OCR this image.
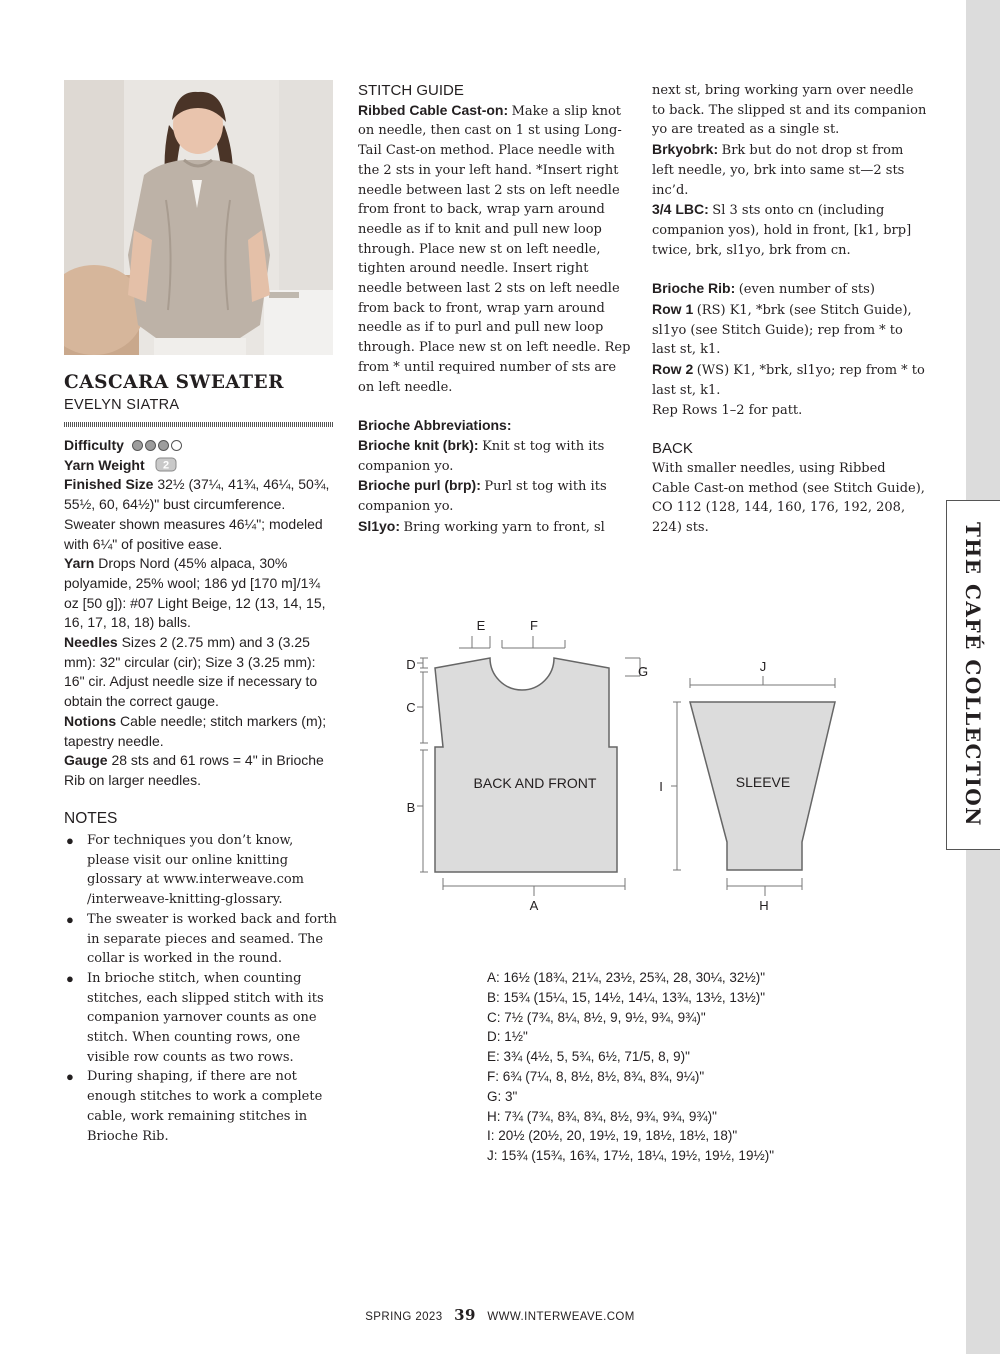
THE CAFÉ COLLECTION
CASCARA SWEATER
EVELYN SIATRA

Difficulty

Yarn Weight 2

Finished Size 32½ (37¼, 41¾, 46¼, 50¾, 55½, 60, 64½)" bust circumference. Sweater shown measures 46¼"; modeled with 6¼" of positive ease.

Yarn Drops Nord (45% alpaca, 30% polyamide, 25% wool; 186 yd [170 m]/1¾ oz [50 g]): #07 Light Beige, 12 (13, 14, 15, 16, 17, 18, 18) balls.

Needles Sizes 2 (2.75 mm) and 3 (3.25 mm): 32" circular (cir); Size 3 (3.25 mm): 16" cir. Adjust needle size if necessary to obtain the correct gauge.

Notions Cable needle; stitch markers (m); tapestry needle.

Gauge 28 sts and 61 rows = 4" in Brioche Rib on larger needles.

NOTES
● For techniques you don’t know, please visit our online knitting glossary at www.interweave.com /interweave-knitting-glossary.
● The sweater is worked back and forth in separate pieces and seamed. The collar is worked in the round.
● In brioche stitch, when counting stitches, each slipped stitch with its companion yarnover counts as one stitch. When counting rows, one visible row counts as two rows.
● During shaping, if there are not enough stitches to work a complete cable, work remaining stitches in Brioche Rib.

STITCH GUIDE

Ribbed Cable Cast-on: Make a slip knot on needle, then cast on 1 st using Long-Tail Cast-on method. Place needle with the 2 sts in your left hand. *Insert right needle between last 2 sts on left needle from front to back, wrap yarn around needle as if to knit and pull new loop through. Place new st on left needle, tighten around needle. Insert right needle between last 2 sts on left needle from back to front, wrap yarn around needle as if to purl and pull new loop through. Place new st on left needle. Rep from * until required number of sts are on left needle.

Brioche Abbreviations:

Brioche knit (brk): Knit st tog with its companion yo.

Brioche purl (brp): Purl st tog with its companion yo.

Sl1yo: Bring working yarn to front, sl

next st, bring working yarn over needle to back. The slipped st and its companion yo are treated as a single st.

Brkyobrk: Brk but do not drop st from left needle, yo, brk into same st—2 sts inc’d.

3/4 LBC: Sl 3 sts onto cn (including companion yos), hold in front, [k1, brp] twice, brk, sl1yo, brk from cn.

Brioche Rib: (even number of sts)

Row 1 (RS) K1, *brk (see Stitch Guide), sl1yo (see Stitch Guide); rep from * to last st, k1.

Row 2 (WS) K1, *brk, sl1yo; rep from * to last st, k1.

Rep Rows 1–2 for patt.

BACK

With smaller needles, using Ribbed Cable Cast-on method (see Stitch Guide), CO 112 (128, 144, 160, 176, 192, 208, 224) sts.

BACK AND FRONT	SLEEVE
E	F
D
C
B
G
A
J
I
H
A: 16½ (18¾, 21¼, 23½, 25¾, 28, 30¼, 32½)"
B: 15¾ (15¼, 15, 14½, 14¼, 13¾, 13½, 13½)"
C: 7½ (7¾, 8¼, 8½, 9, 9½, 9¾, 9¾)"
D: 1½"
E: 3¾ (4½, 5, 5¾, 6½, 71/5, 8, 9)"
F: 6¾ (7¼, 8, 8½, 8½, 8¾, 8¾, 9¼)"
G: 3"
H: 7¾ (7¾, 8¾, 8¾, 8½, 9¾, 9¾, 9¾)"
I: 20½ (20½, 20, 19½, 19, 18½, 18½, 18)"
J: 15¾ (15¾, 16¾, 17½, 18¼, 19½, 19½, 19½)"
SPRING 2023 39 WWW.INTERWEAVE.COM
